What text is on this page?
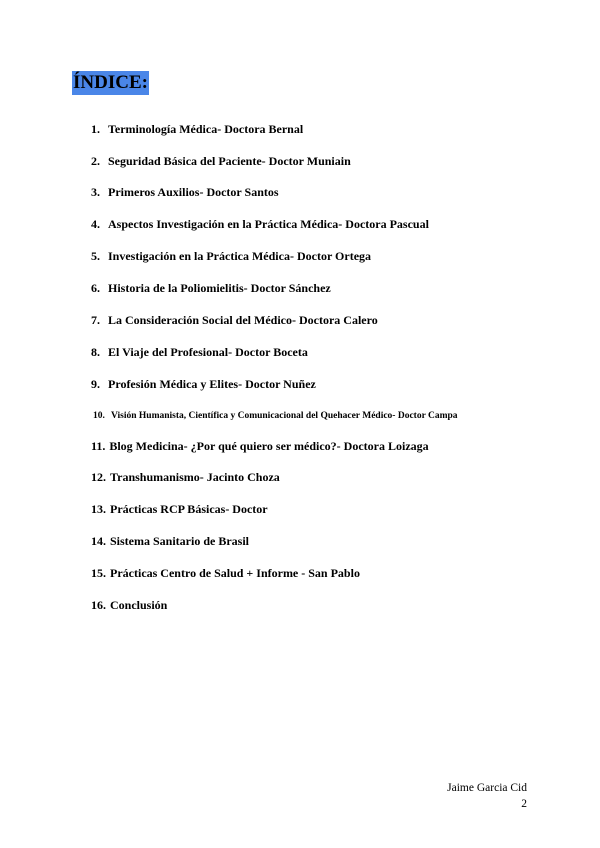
ÍNDICE:
1. Terminología Médica- Doctora Bernal
2. Seguridad Básica del Paciente- Doctor Muniain
3. Primeros Auxilios- Doctor Santos
4. Aspectos Investigación en la Práctica Médica- Doctora Pascual
5. Investigación en la Práctica Médica- Doctor Ortega
6. Historia de la Poliomielitis- Doctor Sánchez
7. La Consideración Social del Médico- Doctora Calero
8. El Viaje del Profesional- Doctor Boceta
9. Profesión Médica y Elites- Doctor Nuñez
10. Visión Humanista, Científica y Comunicacional del Quehacer Médico- Doctor Campa
11. Blog Medicina- ¿Por qué quiero ser médico?- Doctora Loizaga
12. Transhumanismo- Jacinto Choza
13. Prácticas RCP Básicas- Doctor
14. Sistema Sanitario de Brasil
15. Prácticas Centro de Salud + Informe - San Pablo
16. Conclusión
Jaime Garcia Cid
2
